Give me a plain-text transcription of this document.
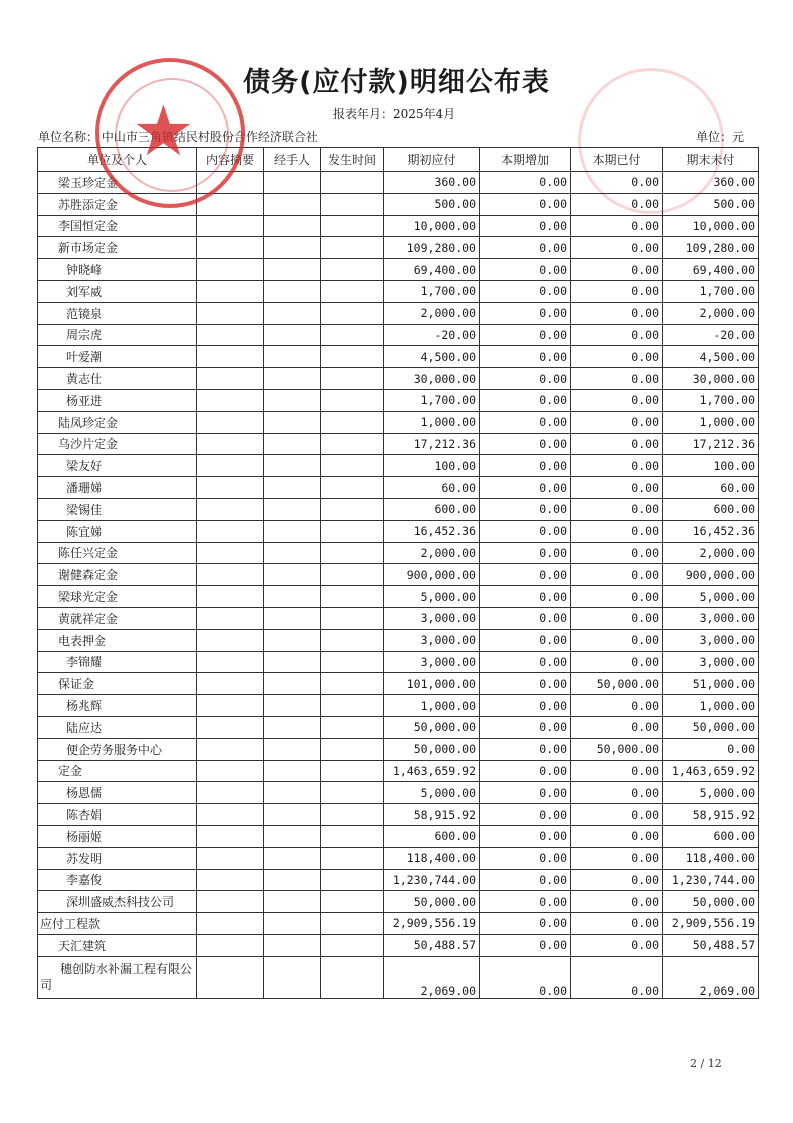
债务(应付款)明细公布表
报表年月：2025年4月
单位名称： 中山市三角镇结民村股份合作经济联合社	单位：元
单位及个人	内容摘要	经手人	发生时间	期初应付	本期增加	本期已付	期末未付
梁玉珍定金				360.00	0.00	0.00	360.00
苏胜添定金				500.00	0.00	0.00	500.00
李国恒定金				10,000.00	0.00	0.00	10,000.00
新市场定金				109,280.00	0.00	0.00	109,280.00
钟晓峰				69,400.00	0.00	0.00	69,400.00
刘军威				1,700.00	0.00	0.00	1,700.00
范镜泉				2,000.00	0.00	0.00	2,000.00
周宗虎				-20.00	0.00	0.00	-20.00
叶爱潮				4,500.00	0.00	0.00	4,500.00
黄志仕				30,000.00	0.00	0.00	30,000.00
杨亚进				1,700.00	0.00	0.00	1,700.00
陆凤珍定金				1,000.00	0.00	0.00	1,000.00
乌沙片定金				17,212.36	0.00	0.00	17,212.36
梁友好				100.00	0.00	0.00	100.00
潘珊娣				60.00	0.00	0.00	60.00
梁锡佳				600.00	0.00	0.00	600.00
陈宜娣				16,452.36	0.00	0.00	16,452.36
陈任兴定金				2,000.00	0.00	0.00	2,000.00
谢健森定金				900,000.00	0.00	0.00	900,000.00
梁球光定金				5,000.00	0.00	0.00	5,000.00
黄就祥定金				3,000.00	0.00	0.00	3,000.00
电表押金				3,000.00	0.00	0.00	3,000.00
李锦耀				3,000.00	0.00	0.00	3,000.00
保证金				101,000.00	0.00	50,000.00	51,000.00
杨兆辉				1,000.00	0.00	0.00	1,000.00
陆应达				50,000.00	0.00	0.00	50,000.00
便企劳务服务中心				50,000.00	0.00	50,000.00	0.00
定金				1,463,659.92	0.00	0.00	1,463,659.92
杨恩儒				5,000.00	0.00	0.00	5,000.00
陈杏娟				58,915.92	0.00	0.00	58,915.92
杨丽姬				600.00	0.00	0.00	600.00
苏发明				118,400.00	0.00	0.00	118,400.00
李嘉俊				1,230,744.00	0.00	0.00	1,230,744.00
深圳盛威杰科技公司				50,000.00	0.00	0.00	50,000.00
应付工程款				2,909,556.19	0.00	0.00	2,909,556.19
天汇建筑				50,488.57	0.00	0.00	50,488.57
穗创防水补漏工程有限公司				2,069.00	0.00	0.00	2,069.00
★
2 / 12
